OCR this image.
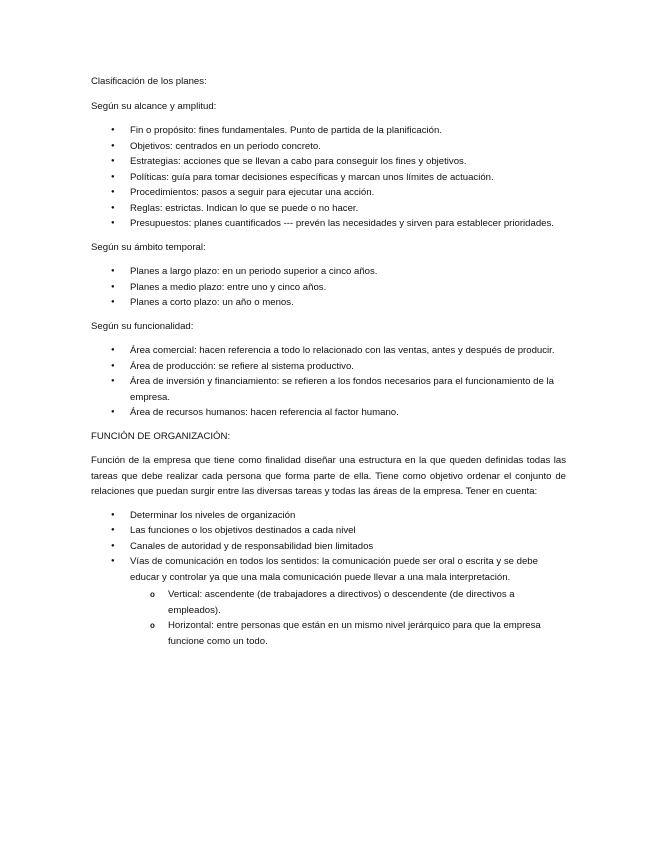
Clasificación de los planes:

Según su alcance y amplitud:

● Fin o propósito: fines fundamentales. Punto de partida de la planificación.
● Objetivos: centrados en un periodo concreto.
● Estrategias: acciones que se llevan a cabo para conseguir los fines y objetivos.
● Políticas: guía para tomar decisiones específicas y marcan unos límites de actuación.
● Procedimientos: pasos a seguir para ejecutar una acción.
● Reglas: estrictas. Indican lo que se puede o no hacer.
● Presupuestos: planes cuantificados --- prevén las necesidades y sirven para establecer prioridades.

Según su ámbito temporal:

● Planes a largo plazo: en un periodo superior a cinco años.
● Planes a medio plazo: entre uno y cinco años.
● Planes a corto plazo: un año o menos.

Según su funcionalidad:

● Área comercial: hacen referencia a todo lo relacionado con las ventas, antes y después de producir.
● Área de producción: se refiere al sistema productivo.
● Área de inversión y financiamiento: se refieren a los fondos necesarios para el funcionamiento de la empresa.
● Área de recursos humanos: hacen referencia al factor humano.

FUNCIÓN DE ORGANIZACIÓN:

Función de la empresa que tiene como finalidad diseñar una estructura en la que queden definidas todas las tareas que debe realizar cada persona que forma parte de ella. Tiene como objetivo ordenar el conjunto de relaciones que puedan surgir entre las diversas tareas y todas las áreas de la empresa. Tener en cuenta:

● Determinar los niveles de organización
● Las funciones o los objetivos destinados a cada nivel
● Canales de autoridad y de responsabilidad bien limitados
● Vías de comunicación en todos los sentidos: la comunicación puede ser oral o escrita y se debe educar y controlar ya que una mala comunicación puede llevar a una mala interpretación.
o Vertical: ascendente (de trabajadores a directivos) o descendente (de directivos a empleados).
o Horizontal: entre personas que están en un mismo nivel jerárquico para que la empresa funcione como un todo.
